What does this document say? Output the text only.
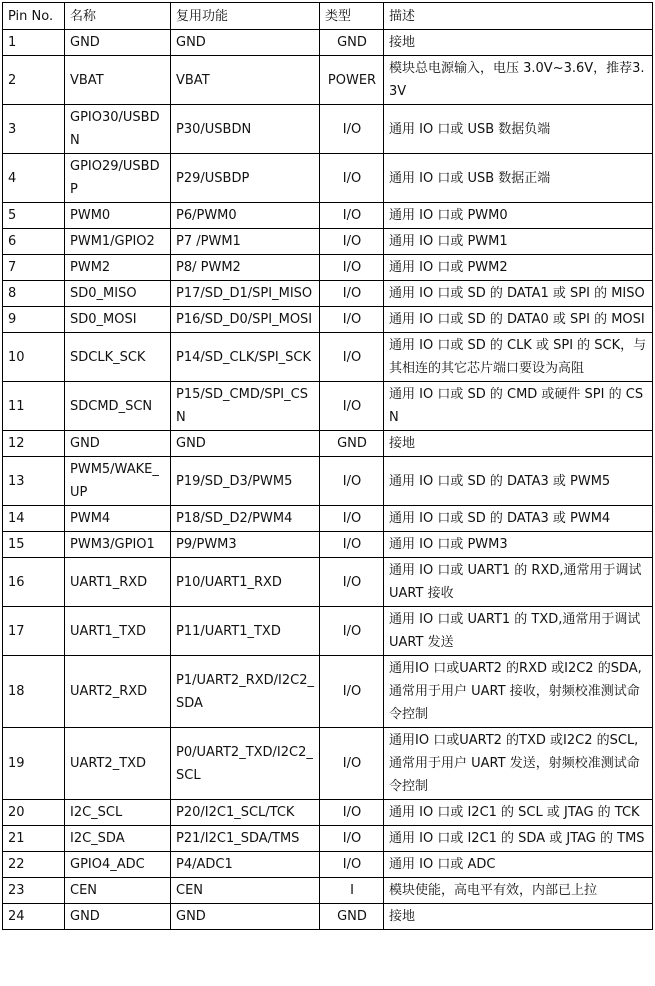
Pin No.	名称	复用功能	类型	描述
1	GND	GND	GND	接地
2	VBAT	VBAT	POWER	模块总电源输入，电压 3.0V~3.6V，推荐3.3V
3	GPIO30/USBDN	P30/USBDN	I/O	通用 IO 口或 USB 数据负端
4	GPIO29/USBDP	P29/USBDP	I/O	通用 IO 口或 USB 数据正端
5	PWM0	P6/PWM0	I/O	通用 IO 口或 PWM0
6	PWM1/GPIO2	P7 /PWM1	I/O	通用 IO 口或 PWM1
7	PWM2	P8/ PWM2	I/O	通用 IO 口或 PWM2
8	SD0_MISO	P17/SD_D1/SPI_MISO	I/O	通用 IO 口或 SD 的 DATA1 或 SPI 的 MISO
9	SD0_MOSI	P16/SD_D0/SPI_MOSI	I/O	通用 IO 口或 SD 的 DATA0 或 SPI 的 MOSI
10	SDCLK_SCK	P14/SD_CLK/SPI_SCK	I/O	通用 IO 口或 SD 的 CLK 或 SPI 的 SCK，与其相连的其它芯片端口要设为高阻
11	SDCMD_SCN	P15/SD_CMD/SPI_CSN	I/O	通用 IO 口或 SD 的 CMD 或硬件 SPI 的 CSN
12	GND	GND	GND	接地
13	PWM5/WAKE_UP	P19/SD_D3/PWM5	I/O	通用 IO 口或 SD 的 DATA3 或 PWM5
14	PWM4	P18/SD_D2/PWM4	I/O	通用 IO 口或 SD 的 DATA3 或 PWM4
15	PWM3/GPIO1	P9/PWM3	I/O	通用 IO 口或 PWM3
16	UART1_RXD	P10/UART1_RXD	I/O	通用 IO 口或 UART1 的 RXD,通常用于调试 UART 接收
17	UART1_TXD	P11/UART1_TXD	I/O	通用 IO 口或 UART1 的 TXD,通常用于调试 UART 发送
18	UART2_RXD	P1/UART2_RXD/I2C2_SDA	I/O	通用IO 口或UART2 的RXD 或I2C2 的SDA,通常用于用户 UART 接收，射频校准测试命令控制
19	UART2_TXD	P0/UART2_TXD/I2C2_SCL	I/O	通用IO 口或UART2 的TXD 或I2C2 的SCL,通常用于用户 UART 发送，射频校准测试命令控制
20	I2C_SCL	P20/I2C1_SCL/TCK	I/O	通用 IO 口或 I2C1 的 SCL 或 JTAG 的 TCK
21	I2C_SDA	P21/I2C1_SDA/TMS	I/O	通用 IO 口或 I2C1 的 SDA 或 JTAG 的 TMS
22	GPIO4_ADC	P4/ADC1	I/O	通用 IO 口或 ADC
23	CEN	CEN	I	模块使能，高电平有效，内部已上拉
24	GND	GND	GND	接地
